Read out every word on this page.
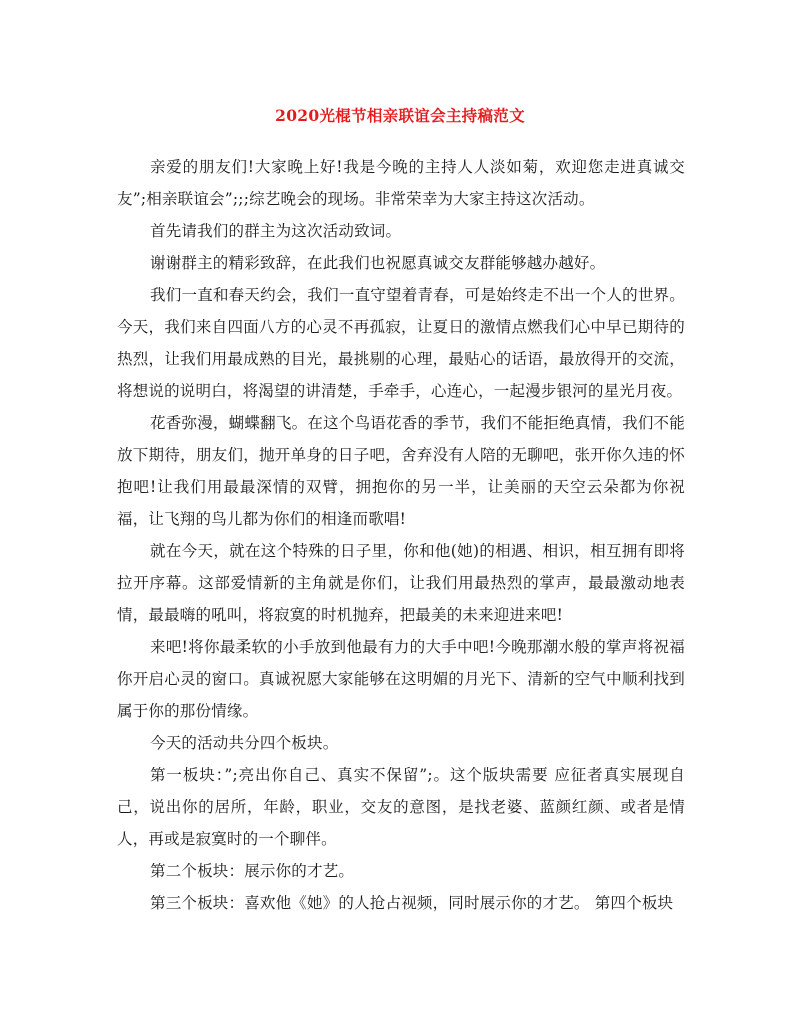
2020光棍节相亲联谊会主持稿范文

亲爱的朋友们!大家晚上好!我是今晚的主持人人淡如菊，欢迎您走进真诚交友”;相亲联谊会”;;;综艺晚会的现场。非常荣幸为大家主持这次活动。

首先请我们的群主为这次活动致词。

谢谢群主的精彩致辞，在此我们也祝愿真诚交友群能够越办越好。

我们一直和春天约会，我们一直守望着青春，可是始终走不出一个人的世界。今天，我们来自四面八方的心灵不再孤寂，让夏日的激情点燃我们心中早已期待的热烈，让我们用最成熟的目光，最挑剔的心理，最贴心的话语，最放得开的交流，将想说的说明白，将渴望的讲清楚，手牵手，心连心，一起漫步银河的星光月夜。

花香弥漫，蝴蝶翻飞。在这个鸟语花香的季节，我们不能拒绝真情，我们不能放下期待，朋友们，抛开单身的日子吧，舍弃没有人陪的无聊吧，张开你久违的怀抱吧!让我们用最最深情的双臂，拥抱你的另一半，让美丽的天空云朵都为你祝福，让飞翔的鸟儿都为你们的相逢而歌唱!

就在今天，就在这个特殊的日子里，你和他(她)的相遇、相识，相互拥有即将拉开序幕。这部爱情新的主角就是你们，让我们用最热烈的掌声，最最激动地表情，最最嗨的吼叫，将寂寞的时机抛弃，把最美的未来迎进来吧!

来吧!将你最柔软的小手放到他最有力的大手中吧!今晚那潮水般的掌声将祝福你开启心灵的窗口。真诚祝愿大家能够在这明媚的月光下、清新的空气中顺利找到属于你的那份情缘。

今天的活动共分四个板块。

第一板块：”;亮出你自己、真实不保留”;。这个版块需要 应征者真实展现自己，说出你的居所，年龄，职业，交友的意图，是找老婆、蓝颜红颜、或者是情人，再或是寂寞时的一个聊伴。

第二个板块：展示你的才艺。

第三个板块：喜欢他《她》的人抢占视频，同时展示你的才艺。 第四个板块
